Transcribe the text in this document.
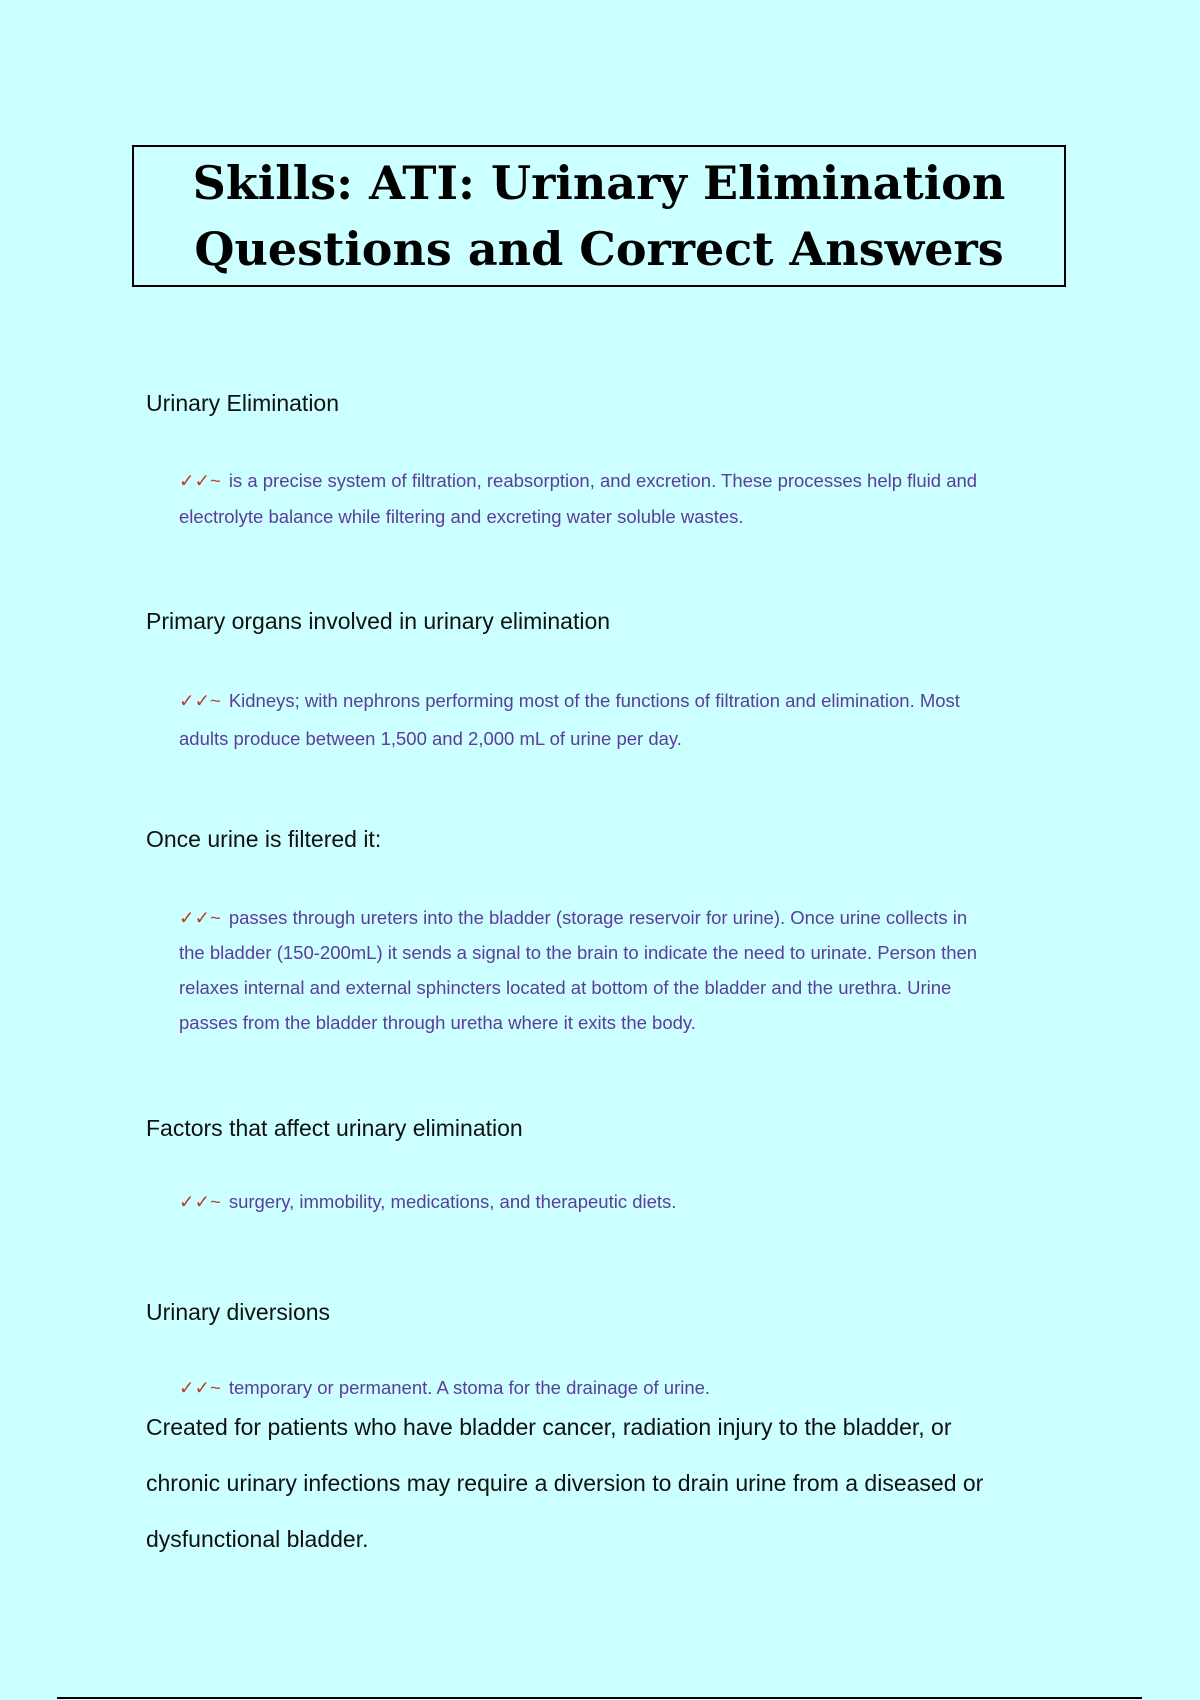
Skills: ATI: Urinary Elimination
Questions and Correct Answers
Urinary Elimination
✓✓~ is a precise system of filtration, reabsorption, and excretion. These processes help fluid and
electrolyte balance while filtering and excreting water soluble wastes.
Primary organs involved in urinary elimination
✓✓~ Kidneys; with nephrons performing most of the functions of filtration and elimination. Most
adults produce between 1,500 and 2,000 mL of urine per day.
Once urine is filtered it:
✓✓~ passes through ureters into the bladder (storage reservoir for urine). Once urine collects in
the bladder (150-200mL) it sends a signal to the brain to indicate the need to urinate. Person then
relaxes internal and external sphincters located at bottom of the bladder and the urethra. Urine
passes from the bladder through uretha where it exits the body.
Factors that affect urinary elimination
✓✓~ surgery, immobility, medications, and therapeutic diets.
Urinary diversions
✓✓~ temporary or permanent. A stoma for the drainage of urine.
Created for patients who have bladder cancer, radiation injury to the bladder, or
chronic urinary infections may require a diversion to drain urine from a diseased or
dysfunctional bladder.
